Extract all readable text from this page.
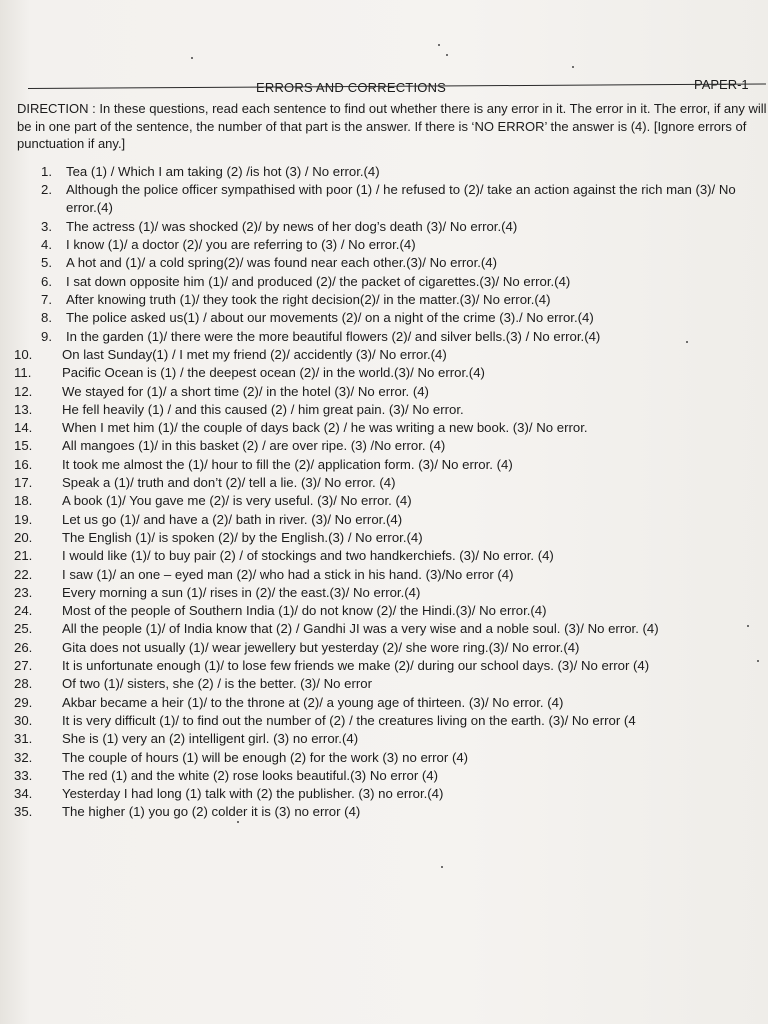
ERRORS AND CORRECTIONS	PAPER-1
DIRECTION : In these questions, read each sentence to find out whether there is any error in it. The error in it. The error, if any will be in one part of the sentence, the number of that part is the answer. If there is ‘NO ERROR’ the answer is (4). [Ignore errors of punctuation if any.]
1. Tea (1) / Which I am taking (2) /is hot (3) / No error.(4)
2. Although the police officer sympathised with poor (1) / he refused to (2)/ take an action against the rich man (3)/ No error.(4)
3. The actress (1)/ was shocked (2)/ by news of her dog’s death (3)/ No error.(4)
4. I know (1)/ a doctor (2)/ you are referring to (3) / No error.(4)
5. A hot and (1)/ a cold spring(2)/ was found near each other.(3)/ No error.(4)
6. I sat down opposite him (1)/ and produced (2)/ the packet of cigarettes.(3)/ No error.(4)
7. After knowing truth (1)/ they took the right decision(2)/ in the matter.(3)/ No error.(4)
8. The police asked us(1) / about our movements (2)/ on a night of the crime (3)./ No error.(4)
9. In the garden (1)/ there were the more beautiful flowers (2)/ and silver bells.(3) / No error.(4)
10.	On last Sunday(1) / I met my friend (2)/ accidently (3)/ No error.(4)
11.	Pacific Ocean is (1) / the deepest ocean (2)/ in the world.(3)/ No error.(4)
12.	We stayed for (1)/ a short time (2)/ in the hotel (3)/ No error. (4)
13.	He fell heavily (1) / and this caused (2) / him great pain. (3)/ No error.
14.	When I met him (1)/ the couple of days back (2) / he was writing a new book. (3)/ No error.
15.	All mangoes (1)/ in this basket (2) / are over ripe. (3) /No error. (4)
16.	It took me almost the (1)/ hour to fill the (2)/ application form. (3)/ No error. (4)
17.	Speak a (1)/ truth and don’t (2)/ tell a lie. (3)/ No error. (4)
18.	A book (1)/ You gave me (2)/ is very useful. (3)/ No error. (4)
19.	Let us go (1)/ and have a (2)/ bath in river. (3)/ No error.(4)
20.	The English (1)/ is spoken (2)/ by the English.(3) / No error.(4)
21.	I would like (1)/ to buy pair (2) / of stockings and two handkerchiefs. (3)/ No error. (4)
22.	I saw (1)/ an one – eyed man (2)/ who had a stick in his hand. (3)/No error (4)
23.	Every morning a sun (1)/ rises in (2)/ the east.(3)/ No error.(4)
24.	Most of the people of Southern India (1)/ do not know (2)/ the Hindi.(3)/ No error.(4)
25.	All the people (1)/ of India know that (2) / Gandhi JI was a very wise and a noble soul. (3)/ No error. (4)
26.	Gita does not usually (1)/ wear jewellery but yesterday (2)/ she wore ring.(3)/ No error.(4)
27.	It is unfortunate enough (1)/ to lose few friends we make (2)/ during our school days. (3)/ No error (4)
28.	Of two (1)/ sisters, she (2) / is the better. (3)/ No error
29.	Akbar became a heir (1)/ to the throne at (2)/ a young age of thirteen. (3)/ No error. (4)
30.	It is very difficult (1)/ to find out the number of (2) / the creatures living on the earth. (3)/ No error (4
31.	She is (1) very an (2) intelligent girl. (3) no error.(4)
32.	The couple of hours (1) will be enough (2) for the work (3) no error (4)
33.	The red (1) and the white (2) rose looks beautiful.(3) No error (4)
34.	Yesterday I had long (1) talk with (2) the publisher. (3) no error.(4)
35.	The higher (1) you go (2) colder it is (3) no error (4)
